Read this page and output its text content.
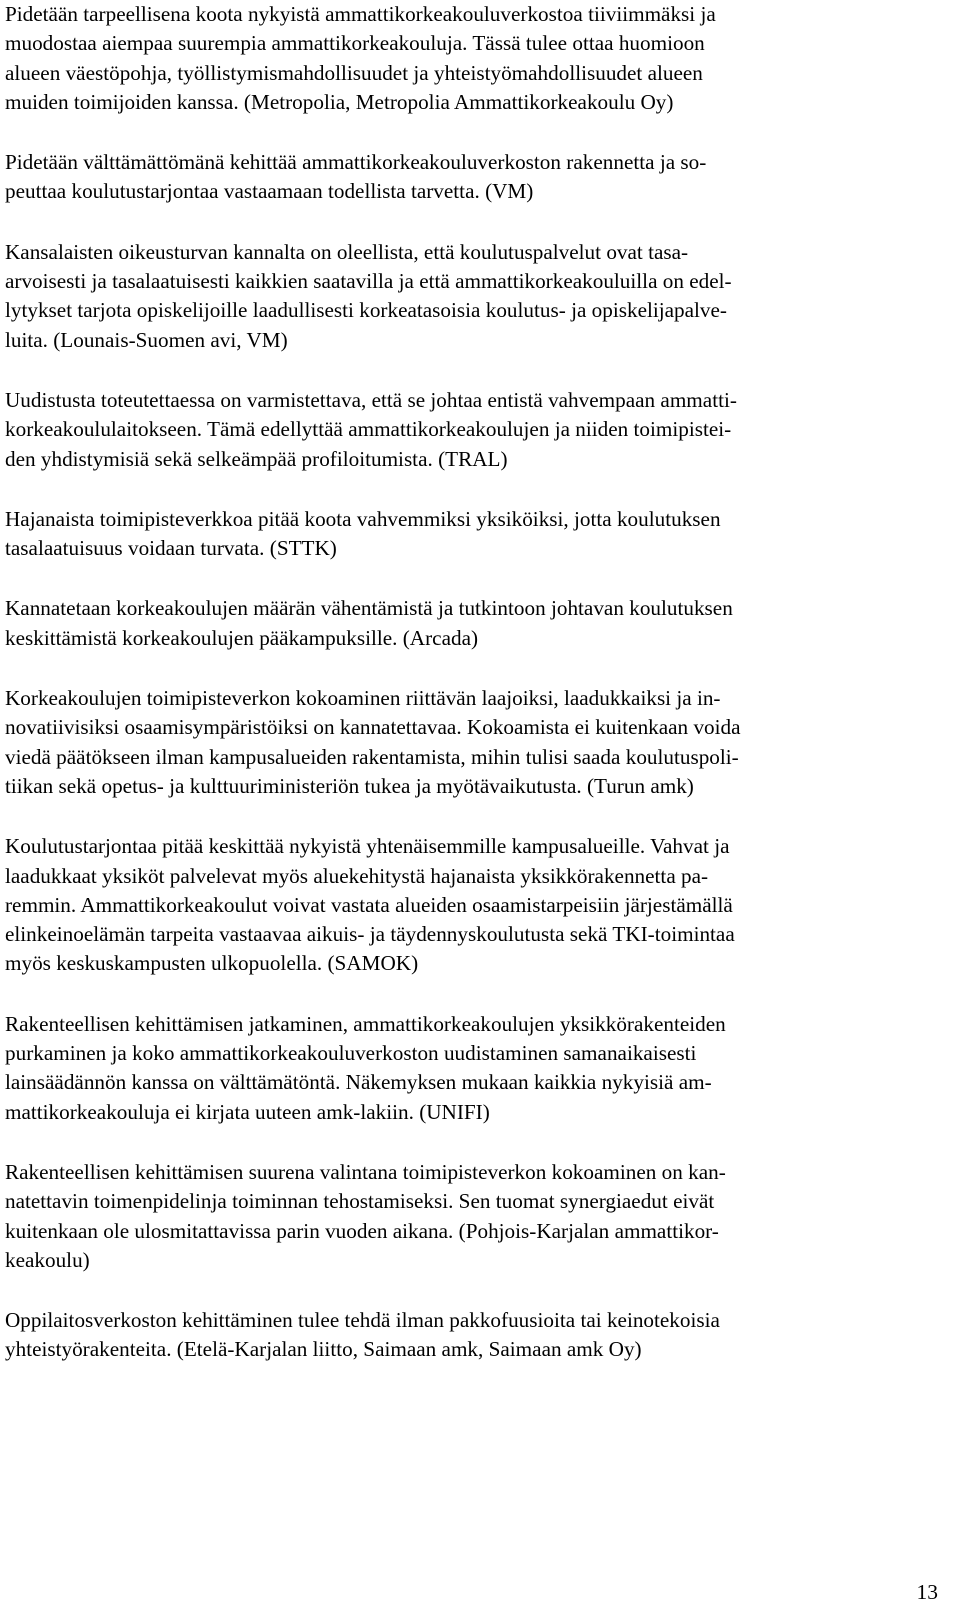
Pidetään tarpeellisena koota nykyistä ammattikorkeakouluverkostoa tiiviimmäksi ja
muodostaa aiempaa suurempia ammattikorkeakouluja. Tässä tulee ottaa huomioon
alueen väestöpohja, työllistymismahdollisuudet ja yhteistyömahdollisuudet alueen
muiden toimijoiden kanssa. (Metropolia, Metropolia Ammattikorkeakoulu Oy)

Pidetään välttämättömänä kehittää ammattikorkeakouluverkoston rakennetta ja so-
peuttaa koulutustarjontaa vastaamaan todellista tarvetta. (VM)

Kansalaisten oikeusturvan kannalta on oleellista, että koulutuspalvelut ovat tasa-
arvoisesti ja tasalaatuisesti kaikkien saatavilla ja että ammattikorkeakouluilla on edel-
lytykset tarjota opiskelijoille laadullisesti korkeatasoisia koulutus- ja opiskelijapalve-
luita. (Lounais-Suomen avi, VM)

Uudistusta toteutettaessa on varmistettava, että se johtaa entistä vahvempaan ammatti-
korkeakoululaitokseen. Tämä edellyttää ammattikorkeakoulujen ja niiden toimipistei-
den yhdistymisiä sekä selkeämpää profiloitumista. (TRAL)

Hajanaista toimipisteverkkoa pitää koota vahvemmiksi yksiköiksi, jotta koulutuksen
tasalaatuisuus voidaan turvata. (STTK)

Kannatetaan korkeakoulujen määrän vähentämistä ja tutkintoon johtavan koulutuksen
keskittämistä korkeakoulujen pääkampuksille. (Arcada)

Korkeakoulujen toimipisteverkon kokoaminen riittävän laajoiksi, laadukkaiksi ja in-
novatiivisiksi osaamisympäristöiksi on kannatettavaa. Kokoamista ei kuitenkaan voida
viedä päätökseen ilman kampusalueiden rakentamista, mihin tulisi saada koulutuspoli-
tiikan sekä opetus- ja kulttuuriministeriön tukea ja myötävaikutusta. (Turun amk)

Koulutustarjontaa pitää keskittää nykyistä yhtenäisemmille kampusalueille. Vahvat ja
laadukkaat yksiköt palvelevat myös aluekehitystä hajanaista yksikkörakennetta pa-
remmin. Ammattikorkeakoulut voivat vastata alueiden osaamistarpeisiin järjestämällä
elinkeinoelämän tarpeita vastaavaa aikuis- ja täydennyskoulutusta sekä TKI-toimintaa
myös keskuskampusten ulkopuolella. (SAMOK)

Rakenteellisen kehittämisen jatkaminen, ammattikorkeakoulujen yksikkörakenteiden
purkaminen ja koko ammattikorkeakouluverkoston uudistaminen samanaikaisesti
lainsäädännön kanssa on välttämätöntä. Näkemyksen mukaan kaikkia nykyisiä am-
mattikorkeakouluja ei kirjata uuteen amk-lakiin. (UNIFI)

Rakenteellisen kehittämisen suurena valintana toimipisteverkon kokoaminen on kan-
natettavin toimenpidelinja toiminnan tehostamiseksi. Sen tuomat synergiaedut eivät
kuitenkaan ole ulosmitattavissa parin vuoden aikana. (Pohjois-Karjalan ammattikor-
keakoulu)

Oppilaitosverkoston kehittäminen tulee tehdä ilman pakkofuusioita tai keinotekoisia
yhteistyörakenteita. (Etelä-Karjalan liitto, Saimaan amk, Saimaan amk Oy)

13
